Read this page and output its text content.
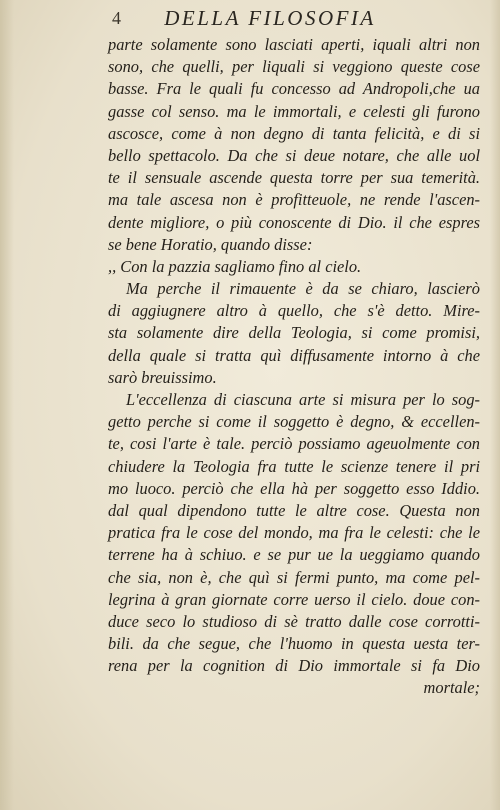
4	DELLA FILOSOFIA
parte solamente sono lasciati aperti, iquali altri non
sono, che quelli, per liquali si veggiono queste cose
basse. Fra le quali fu concesso ad Andropoli,che ua
gasse col senso. ma le immortali, e celesti gli furono
ascosce, come à non degno di tanta felicità, e di si
bello spettacolo. Da che si deue notare, che alle uol
te il sensuale ascende questa torre per sua temerità.
ma tale ascesa non è profitteuole, ne rende l'ascen-
dente migliore, o più conoscente di Dio. il che espres
se bene Horatio, quando disse:
,, Con la pazzia sagliamo fino al cielo.
Ma perche il rimauente è da se chiaro, lascierò
di aggiugnere altro à quello, che s'è detto. Mire-
sta solamente dire della Teologia, si come promisi,
della quale si tratta quì diffusamente intorno à che
sarò breuissimo.
L'eccellenza di ciascuna arte si misura per lo sog-
getto perche si come il soggetto è degno, & eccellen-
te, cosi l'arte è tale. perciò possiamo ageuolmente con
chiudere la Teologia fra tutte le scienze tenere il pri
mo luoco. perciò che ella hà per soggetto esso Iddio.
dal qual dipendono tutte le altre cose. Questa non
pratica fra le cose del mondo, ma fra le celesti: che le
terrene ha à schiuo. e se pur ue la ueggiamo quando
che sia, non è, che quì si fermi punto, ma come pel-
legrina à gran giornate corre uerso il cielo. doue con-
duce seco lo studioso di sè tratto dalle cose corrotti-
bili. da che segue, che l'huomo in questa uesta ter-
rena per la cognition di Dio immortale si fa Dio
mortale;
